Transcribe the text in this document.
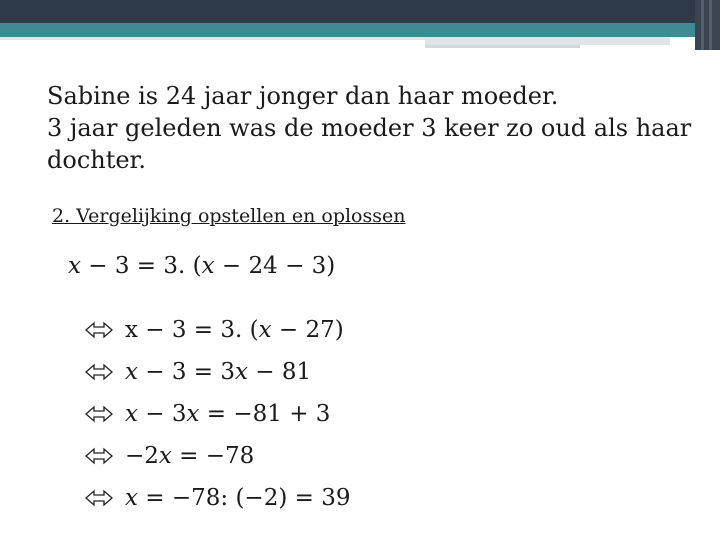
Sabine is 24 jaar jonger dan haar moeder.
3 jaar geleden was de moeder 3 keer zo oud als haar
dochter.
2. Vergelijking opstellen en oplossen
𝑥 − 3 = 3. (𝑥 − 24 − 3)
x − 3 = 3. (𝑥 − 27)
𝑥 − 3 = 3𝑥 − 81
𝑥 − 3𝑥 = −81 + 3
−2𝑥 = −78
𝑥 = −78: (−2) = 39
